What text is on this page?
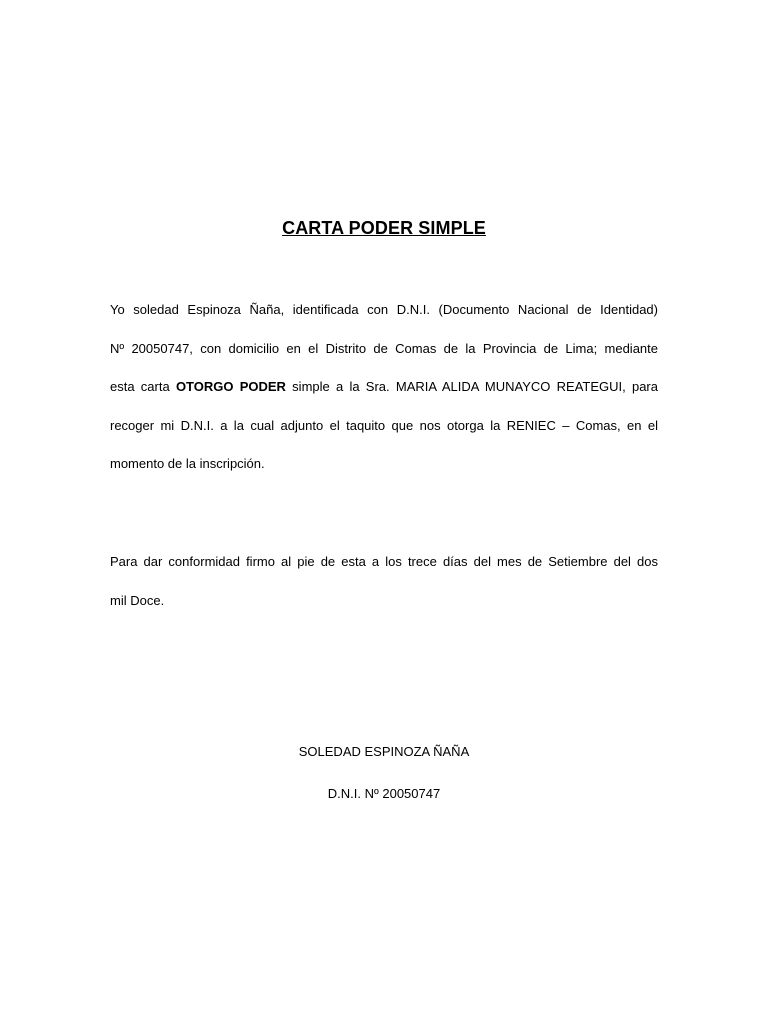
CARTA PODER SIMPLE
Yo soledad Espinoza Ñaña, identificada con D.N.I. (Documento Nacional de Identidad)
Nº 20050747, con domicilio en el Distrito de Comas de la Provincia de Lima; mediante
esta carta OTORGO PODER simple a la Sra. MARIA ALIDA MUNAYCO REATEGUI, para
recoger mi D.N.I. a la cual adjunto el taquito que nos otorga la RENIEC – Comas, en el
momento de la inscripción.
Para dar conformidad firmo al pie de esta a los trece días del mes de Setiembre del dos
mil Doce.
SOLEDAD ESPINOZA ÑAÑA
D.N.I. Nº 20050747
